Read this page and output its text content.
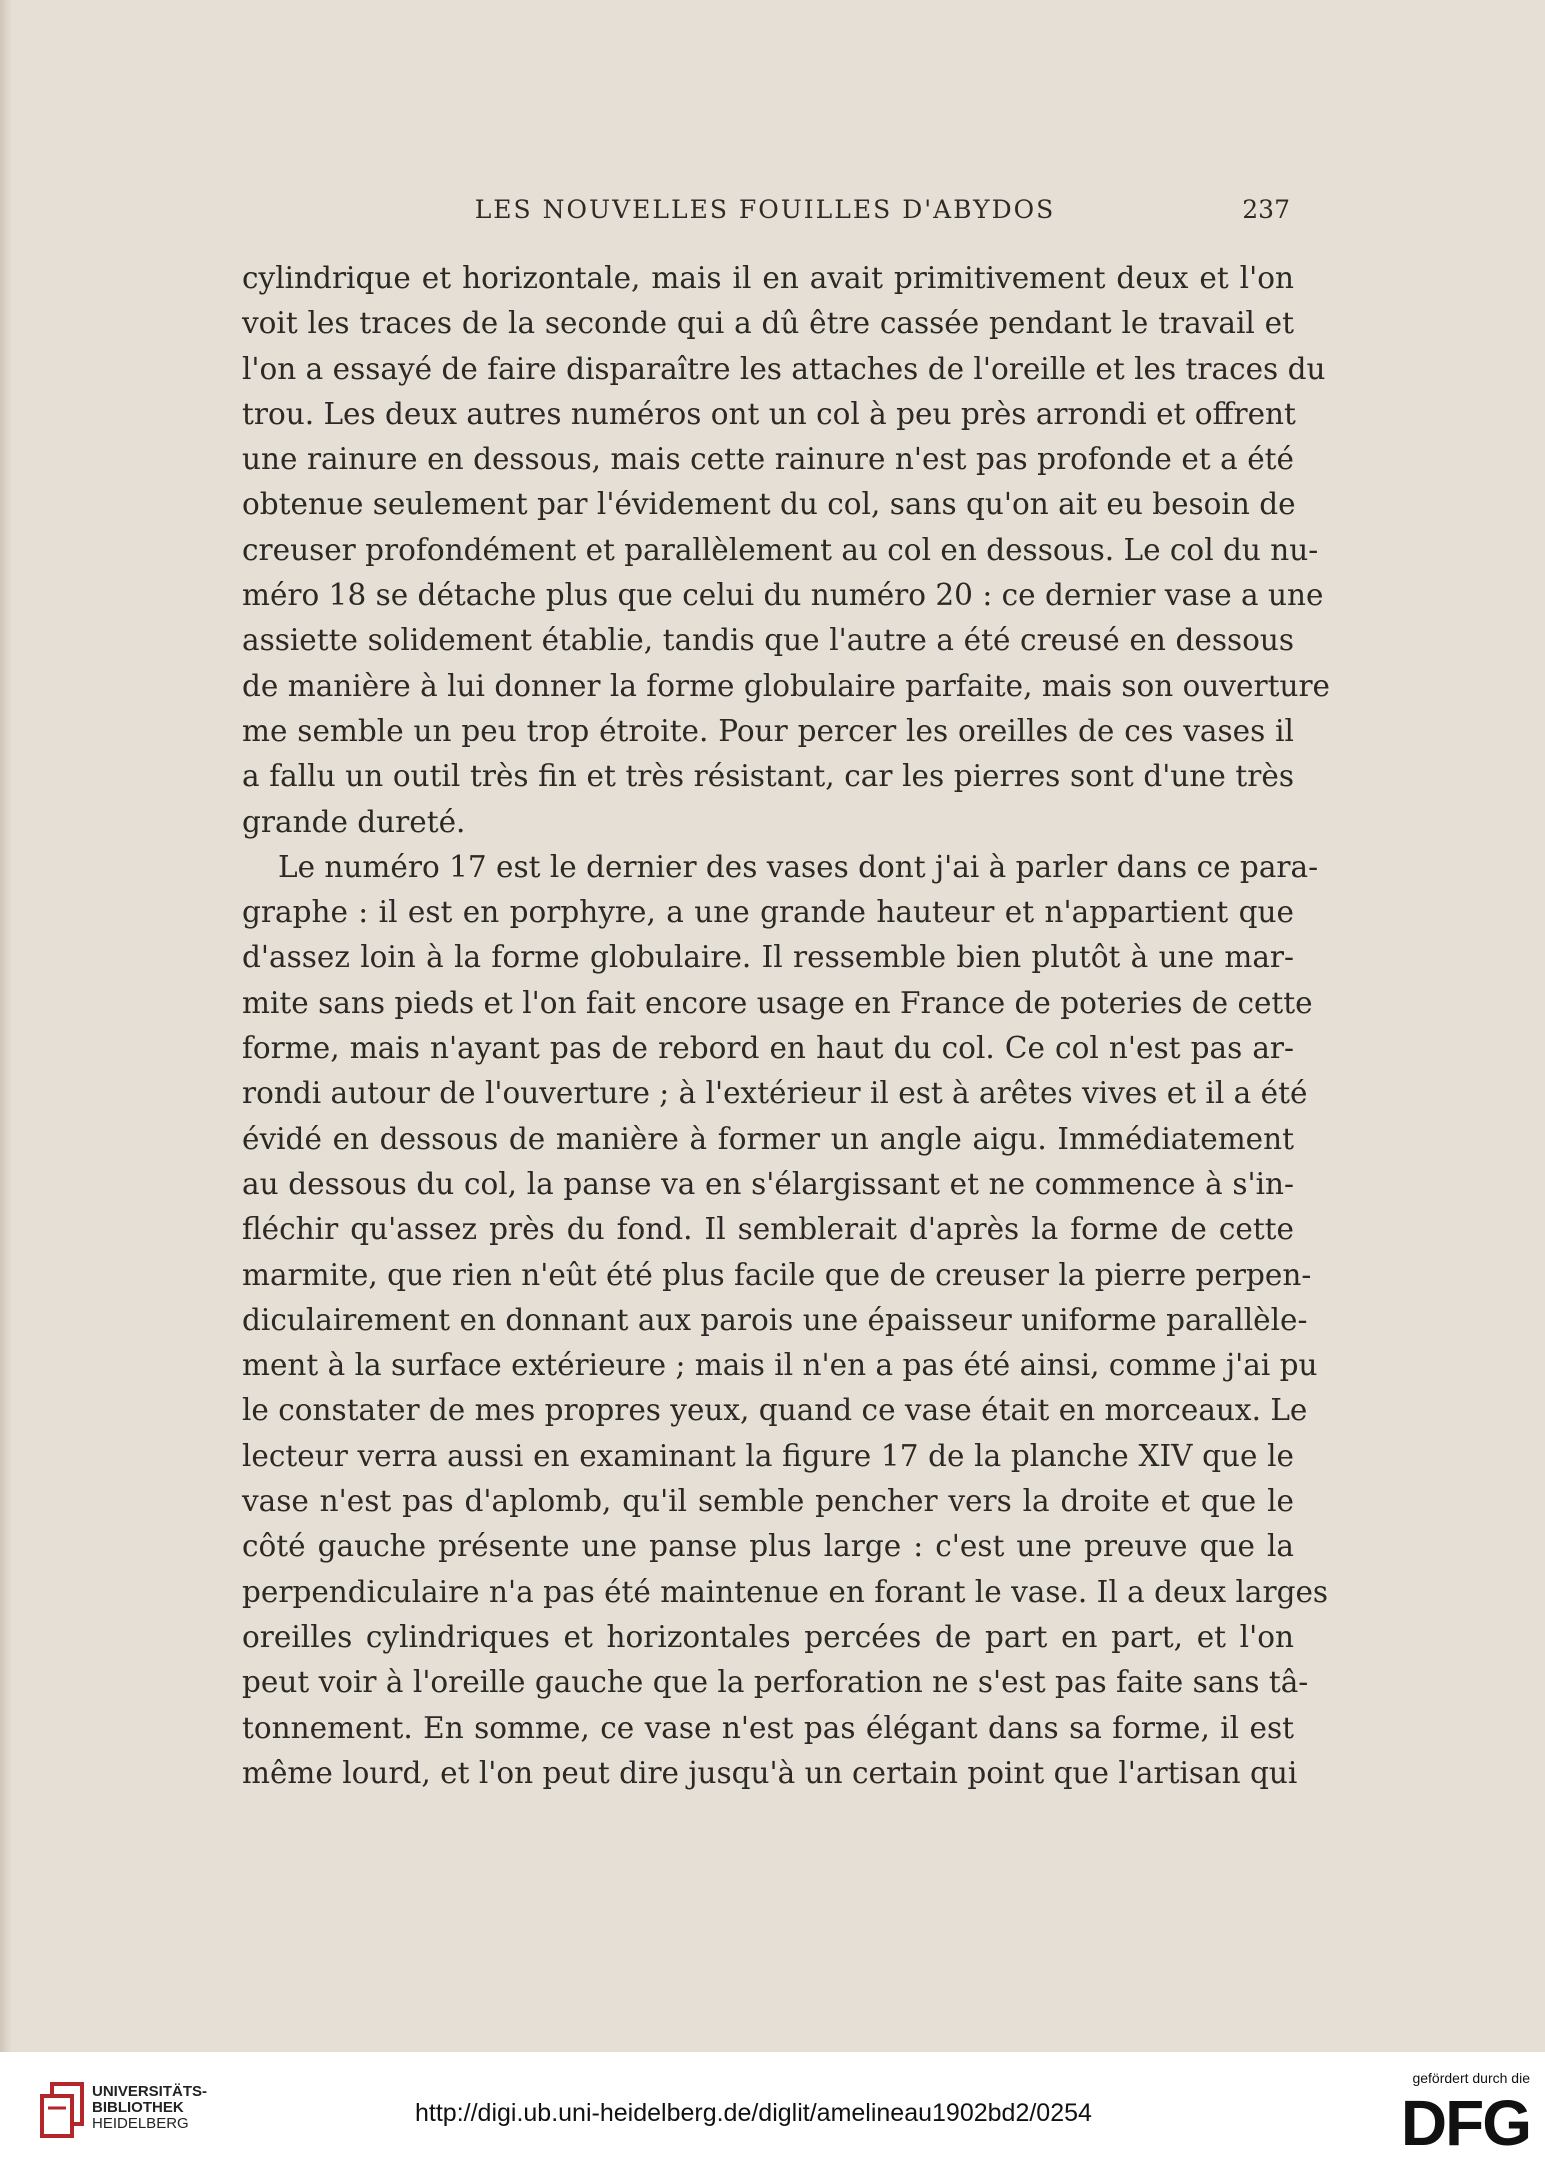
LES NOUVELLES FOUILLES D'ABYDOS	237
cylindrique et horizontale, mais il en avait primitivement deux et l'on
voit les traces de la seconde qui a dû être cassée pendant le travail et
l'on a essayé de faire disparaître les attaches de l'oreille et les traces du
trou. Les deux autres numéros ont un col à peu près arrondi et offrent
une rainure en dessous, mais cette rainure n'est pas profonde et a été
obtenue seulement par l'évidement du col, sans qu'on ait eu besoin de
creuser profondément et parallèlement au col en dessous. Le col du nu-
méro 18 se détache plus que celui du numéro 20 : ce dernier vase a une
assiette solidement établie, tandis que l'autre a été creusé en dessous
de manière à lui donner la forme globulaire parfaite, mais son ouverture
me semble un peu trop étroite. Pour percer les oreilles de ces vases il
a fallu un outil très fin et très résistant, car les pierres sont d'une très
grande dureté.
Le numéro 17 est le dernier des vases dont j'ai à parler dans ce para-
graphe : il est en porphyre, a une grande hauteur et n'appartient que
d'assez loin à la forme globulaire. Il ressemble bien plutôt à une mar-
mite sans pieds et l'on fait encore usage en France de poteries de cette
forme, mais n'ayant pas de rebord en haut du col. Ce col n'est pas ar-
rondi autour de l'ouverture ; à l'extérieur il est à arêtes vives et il a été
évidé en dessous de manière à former un angle aigu. Immédiatement
au dessous du col, la panse va en s'élargissant et ne commence à s'in-
fléchir qu'assez près du fond. Il semblerait d'après la forme de cette
marmite, que rien n'eût été plus facile que de creuser la pierre perpen-
diculairement en donnant aux parois une épaisseur uniforme parallèle-
ment à la surface extérieure ; mais il n'en a pas été ainsi, comme j'ai pu
le constater de mes propres yeux, quand ce vase était en morceaux. Le
lecteur verra aussi en examinant la figure 17 de la planche XIV que le
vase n'est pas d'aplomb, qu'il semble pencher vers la droite et que le
côté gauche présente une panse plus large : c'est une preuve que la
perpendiculaire n'a pas été maintenue en forant le vase. Il a deux larges
oreilles cylindriques et horizontales percées de part en part, et l'on
peut voir à l'oreille gauche que la perforation ne s'est pas faite sans tâ-
tonnement. En somme, ce vase n'est pas élégant dans sa forme, il est
même lourd, et l'on peut dire jusqu'à un certain point que l'artisan qui
UNIVERSITÄTS-
BIBLIOTHEK
HEIDELBERG	http://digi.ub.uni-heidelberg.de/diglit/amelineau1902bd2/0254
gefördert durch die
DFG
